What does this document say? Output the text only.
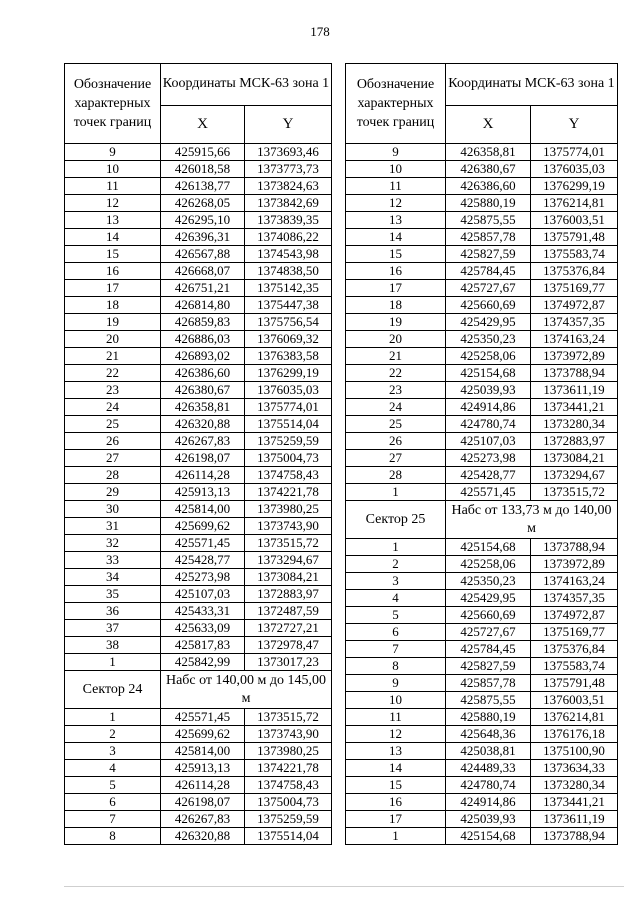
178
Обозначение характерных точек границ	Координаты МСК-63 зона 1	
	X	Y
9	425915,66	1373693,46
10	426018,58	1373773,73
11	426138,77	1373824,63
12	426268,05	1373842,69
13	426295,10	1373839,35
14	426396,31	1374086,22
15	426567,88	1374543,98
16	426668,07	1374838,50
17	426751,21	1375142,35
18	426814,80	1375447,38
19	426859,83	1375756,54
20	426886,03	1376069,32
21	426893,02	1376383,58
22	426386,60	1376299,19
23	426380,67	1376035,03
24	426358,81	1375774,01
25	426320,88	1375514,04
26	426267,83	1375259,59
27	426198,07	1375004,73
28	426114,28	1374758,43
29	425913,13	1374221,78
30	425814,00	1373980,25
31	425699,62	1373743,90
32	425571,45	1373515,72
33	425428,77	1373294,67
34	425273,98	1373084,21
35	425107,03	1372883,97
36	425433,31	1372487,59
37	425633,09	1372727,21
38	425817,83	1372978,47
1	425842,99	1373017,23
Сектор 24	Набс от 140,00 м до 145,00 м	
1	425571,45	1373515,72
2	425699,62	1373743,90
3	425814,00	1373980,25
4	425913,13	1374221,78
5	426114,28	1374758,43
6	426198,07	1375004,73
7	426267,83	1375259,59
8	426320,88	1375514,04
Обозначение характерных точек границ	Координаты МСК-63 зона 1	
	X	Y
9	426358,81	1375774,01
10	426380,67	1376035,03
11	426386,60	1376299,19
12	425880,19	1376214,81
13	425875,55	1376003,51
14	425857,78	1375791,48
15	425827,59	1375583,74
16	425784,45	1375376,84
17	425727,67	1375169,77
18	425660,69	1374972,87
19	425429,95	1374357,35
20	425350,23	1374163,24
21	425258,06	1373972,89
22	425154,68	1373788,94
23	425039,93	1373611,19
24	424914,86	1373441,21
25	424780,74	1373280,34
26	425107,03	1372883,97
27	425273,98	1373084,21
28	425428,77	1373294,67
1	425571,45	1373515,72
Сектор 25	Набс от 133,73 м до 140,00 м	
1	425154,68	1373788,94
2	425258,06	1373972,89
3	425350,23	1374163,24
4	425429,95	1374357,35
5	425660,69	1374972,87
6	425727,67	1375169,77
7	425784,45	1375376,84
8	425827,59	1375583,74
9	425857,78	1375791,48
10	425875,55	1376003,51
11	425880,19	1376214,81
12	425648,36	1376176,18
13	425038,81	1375100,90
14	424489,33	1373634,33
15	424780,74	1373280,34
16	424914,86	1373441,21
17	425039,93	1373611,19
1	425154,68	1373788,94
